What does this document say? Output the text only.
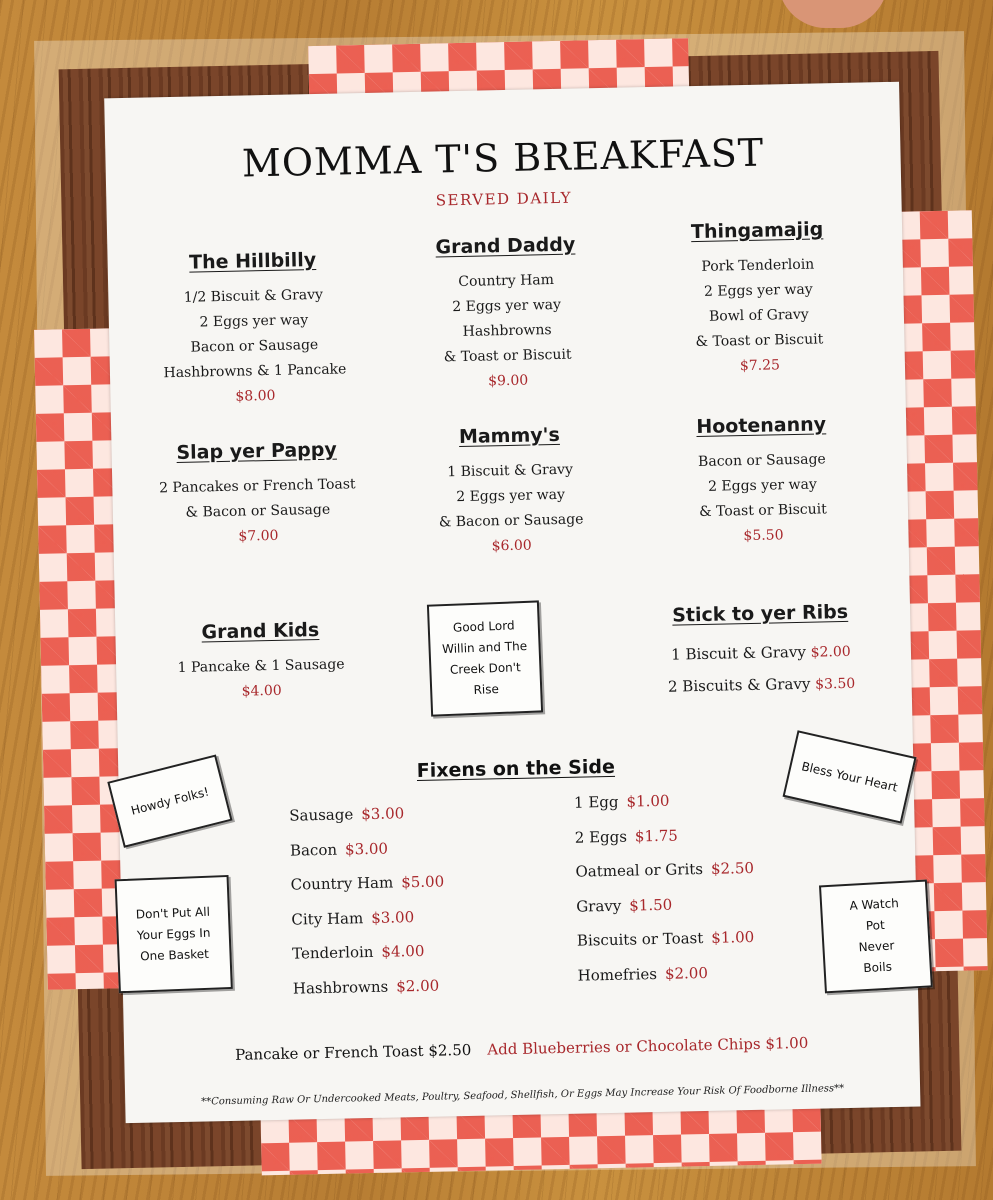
MOMMA T'S BREAKFAST
SERVED DAILY
The Hillbilly
1/2 Biscuit & Gravy
2 Eggs yer way
Bacon or Sausage
Hashbrowns & 1 Pancake
$8.00
Grand Daddy
Country Ham
2 Eggs yer way
Hashbrowns
& Toast or Biscuit
$9.00
Thingamajig
Pork Tenderloin
2 Eggs yer way
Bowl of Gravy
& Toast or Biscuit
$7.25
Slap yer Pappy
2 Pancakes or French Toast
& Bacon or Sausage
$7.00
Mammy's
1 Biscuit & Gravy
2 Eggs yer way
& Bacon or Sausage
$6.00
Hootenanny
Bacon or Sausage
2 Eggs yer way
& Toast or Biscuit
$5.50
Grand Kids
1 Pancake & 1 Sausage
$4.00
Good Lord
Willin and The
Creek Don't
Rise
Stick to yer Ribs
1 Biscuit & Gravy $2.00
2 Biscuits & Gravy $3.50
Howdy Folks!
Bless Your Heart
Don't Put All
Your Eggs In
One Basket
A Watch
Pot
Never
Boils
Fixens on the Side
Sausage $3.00
Bacon $3.00
Country Ham $5.00
City Ham $3.00
Tenderloin $4.00
Hashbrowns $2.00
1 Egg $1.00
2 Eggs $1.75
Oatmeal or Grits $2.50
Gravy $1.50
Biscuits or Toast $1.00
Homefries $2.00
Pancake or French Toast $2.50 Add Blueberries or Chocolate Chips $1.00
**Consuming Raw Or Undercooked Meats, Poultry, Seafood, Shellfish, Or Eggs May Increase Your Risk Of Foodborne Illness**
